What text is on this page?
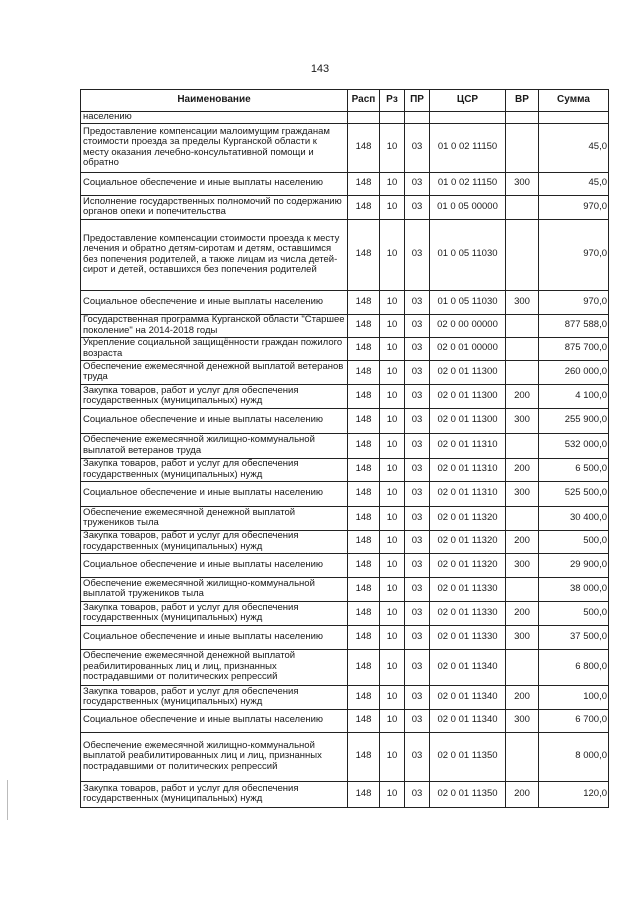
143
Наименование	Расп	Рз	ПР	ЦСР	ВР	Сумма
населению						
Предоставление компенсации малоимущим гражданам стоимости проезда за пределы Курганской области к месту оказания лечебно-консультативной помощи и обратно	148	10	03	01 0 02 11150		45,0
Социальное обеспечение и иные выплаты населению	148	10	03	01 0 02 11150	300	45,0
Исполнение государственных полномочий по содержанию органов опеки и попечительства	148	10	03	01 0 05 00000		970,0
Предоставление компенсации стоимости проезда к месту лечения и обратно детям-сиротам и детям, оставшимся без попечения родителей, а также лицам из числа детей-сирот и детей, оставшихся без попечения родителей	148	10	03	01 0 05 11030		970,0
Социальное обеспечение и иные выплаты населению	148	10	03	01 0 05 11030	300	970,0
Государственная программа Курганской области "Старшее поколение" на 2014-2018 годы	148	10	03	02 0 00 00000		877 588,0
Укрепление социальной защищённости граждан пожилого возраста	148	10	03	02 0 01 00000		875 700,0
Обеспечение ежемесячной денежной выплатой ветеранов труда	148	10	03	02 0 01 11300		260 000,0
Закупка товаров, работ и услуг для обеспечения государственных (муниципальных) нужд	148	10	03	02 0 01 11300	200	4 100,0
Социальное обеспечение и иные выплаты населению	148	10	03	02 0 01 11300	300	255 900,0
Обеспечение ежемесячной жилищно-коммунальной выплатой ветеранов труда	148	10	03	02 0 01 11310		532 000,0
Закупка товаров, работ и услуг для обеспечения государственных (муниципальных) нужд	148	10	03	02 0 01 11310	200	6 500,0
Социальное обеспечение и иные выплаты населению	148	10	03	02 0 01 11310	300	525 500,0
Обеспечение ежемесячной денежной выплатой тружеников тыла	148	10	03	02 0 01 11320		30 400,0
Закупка товаров, работ и услуг для обеспечения государственных (муниципальных) нужд	148	10	03	02 0 01 11320	200	500,0
Социальное обеспечение и иные выплаты населению	148	10	03	02 0 01 11320	300	29 900,0
Обеспечение ежемесячной жилищно-коммунальной выплатой тружеников тыла	148	10	03	02 0 01 11330		38 000,0
Закупка товаров, работ и услуг для обеспечения государственных (муниципальных) нужд	148	10	03	02 0 01 11330	200	500,0
Социальное обеспечение и иные выплаты населению	148	10	03	02 0 01 11330	300	37 500,0
Обеспечение ежемесячной денежной выплатой реабилитированных лиц и лиц, признанных пострадавшими от политических репрессий	148	10	03	02 0 01 11340		6 800,0
Закупка товаров, работ и услуг для обеспечения государственных (муниципальных) нужд	148	10	03	02 0 01 11340	200	100,0
Социальное обеспечение и иные выплаты населению	148	10	03	02 0 01 11340	300	6 700,0
Обеспечение ежемесячной жилищно-коммунальной выплатой реабилитированных лиц и лиц, признанных пострадавшими от политических репрессий	148	10	03	02 0 01 11350		8 000,0
Закупка товаров, работ и услуг для обеспечения государственных (муниципальных) нужд	148	10	03	02 0 01 11350	200	120,0
